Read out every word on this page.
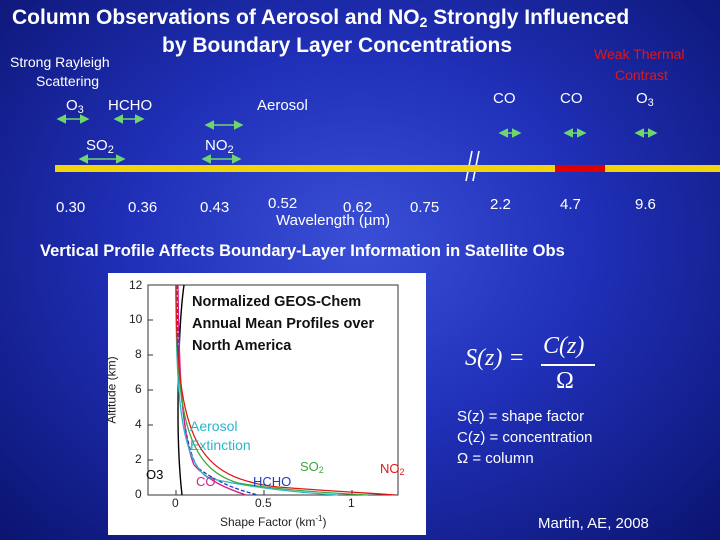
Column Observations of Aerosol and $NO_2$ Strongly Influenced
by Boundary Layer Concentrations
Strong Rayleigh
Scattering
Weak Thermal
Contrast
$O_3$ HCHO	Aerosol	CO	CO	$O_3$
$SO_2$	$NO_2$
0.30	0.36	0.43	0.52	0.62	0.75	2.2	4.7	9.6
Wavelength (µm)
Vertical Profile Affects Boundary-Layer Information in Satellite Obs
0
2
4
6
8
10
12
0	0.5	1
Altitude (km)
Shape Factor $(km^{-1})$
Normalized GEOS-Chem
Annual Mean Profiles over
North America
Aerosol
Extinction
O3	CO	HCHO
SO2	NO2
S(z) = C(z)
Ω
S(z) = shape factor
C(z) = concentration
Ω = column
Martin, AE, 2008
